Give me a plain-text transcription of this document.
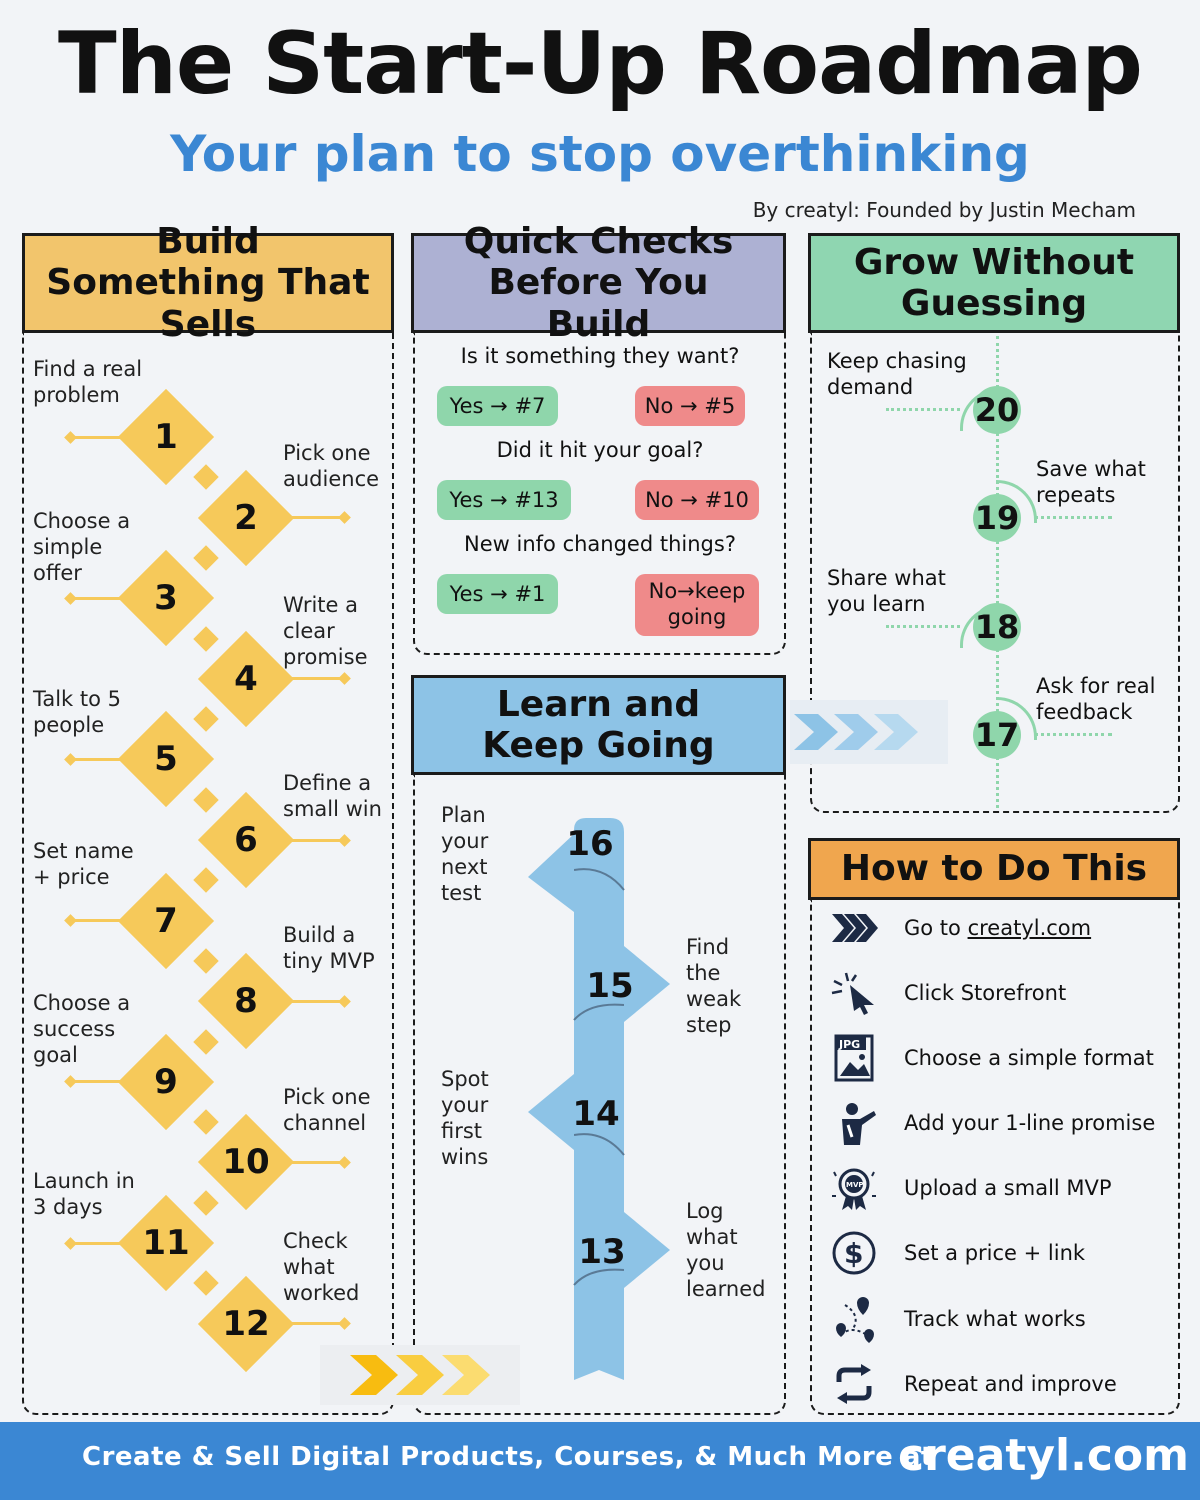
The Start-Up Roadmap
Your plan to stop overthinking
By creatyl: Founded by Justin Mecham
Build Something That Sells
1
Find a real problem
2
Pick one audience
3
Choose a simple offer
4
Write a clear promise
5
Talk to 5 people
6
Define a small win
7
Set name + price
8
Build a tiny MVP
9
Choose a success goal
10
Pick one channel
11
Launch in 3 days
12
Check what worked
Quick Checks Before You Build
Is it something they want?
Yes → #7	No → #5
Did it hit your goal?
Yes → #13	No → #10
New info changed things?
Yes → #1	No→keep going
Learn and Keep Going
16
Plan your next test
15
Find the weak step
14
Spot your first wins
13
Log what you learned
Grow Without Guessing
20
Keep chasing demand
19
Save what repeats
18
Share what you learn
17
Ask for real feedback
How to Do This
Go to creatyl.com
Click Storefront
JPG
Choose a simple format
Add your 1-line promise
MVP Upload a small MVP
$ Set a price + link
Track what works
Repeat and improve
Create & Sell Digital Products, Courses, & Much More at
creatyl.com
